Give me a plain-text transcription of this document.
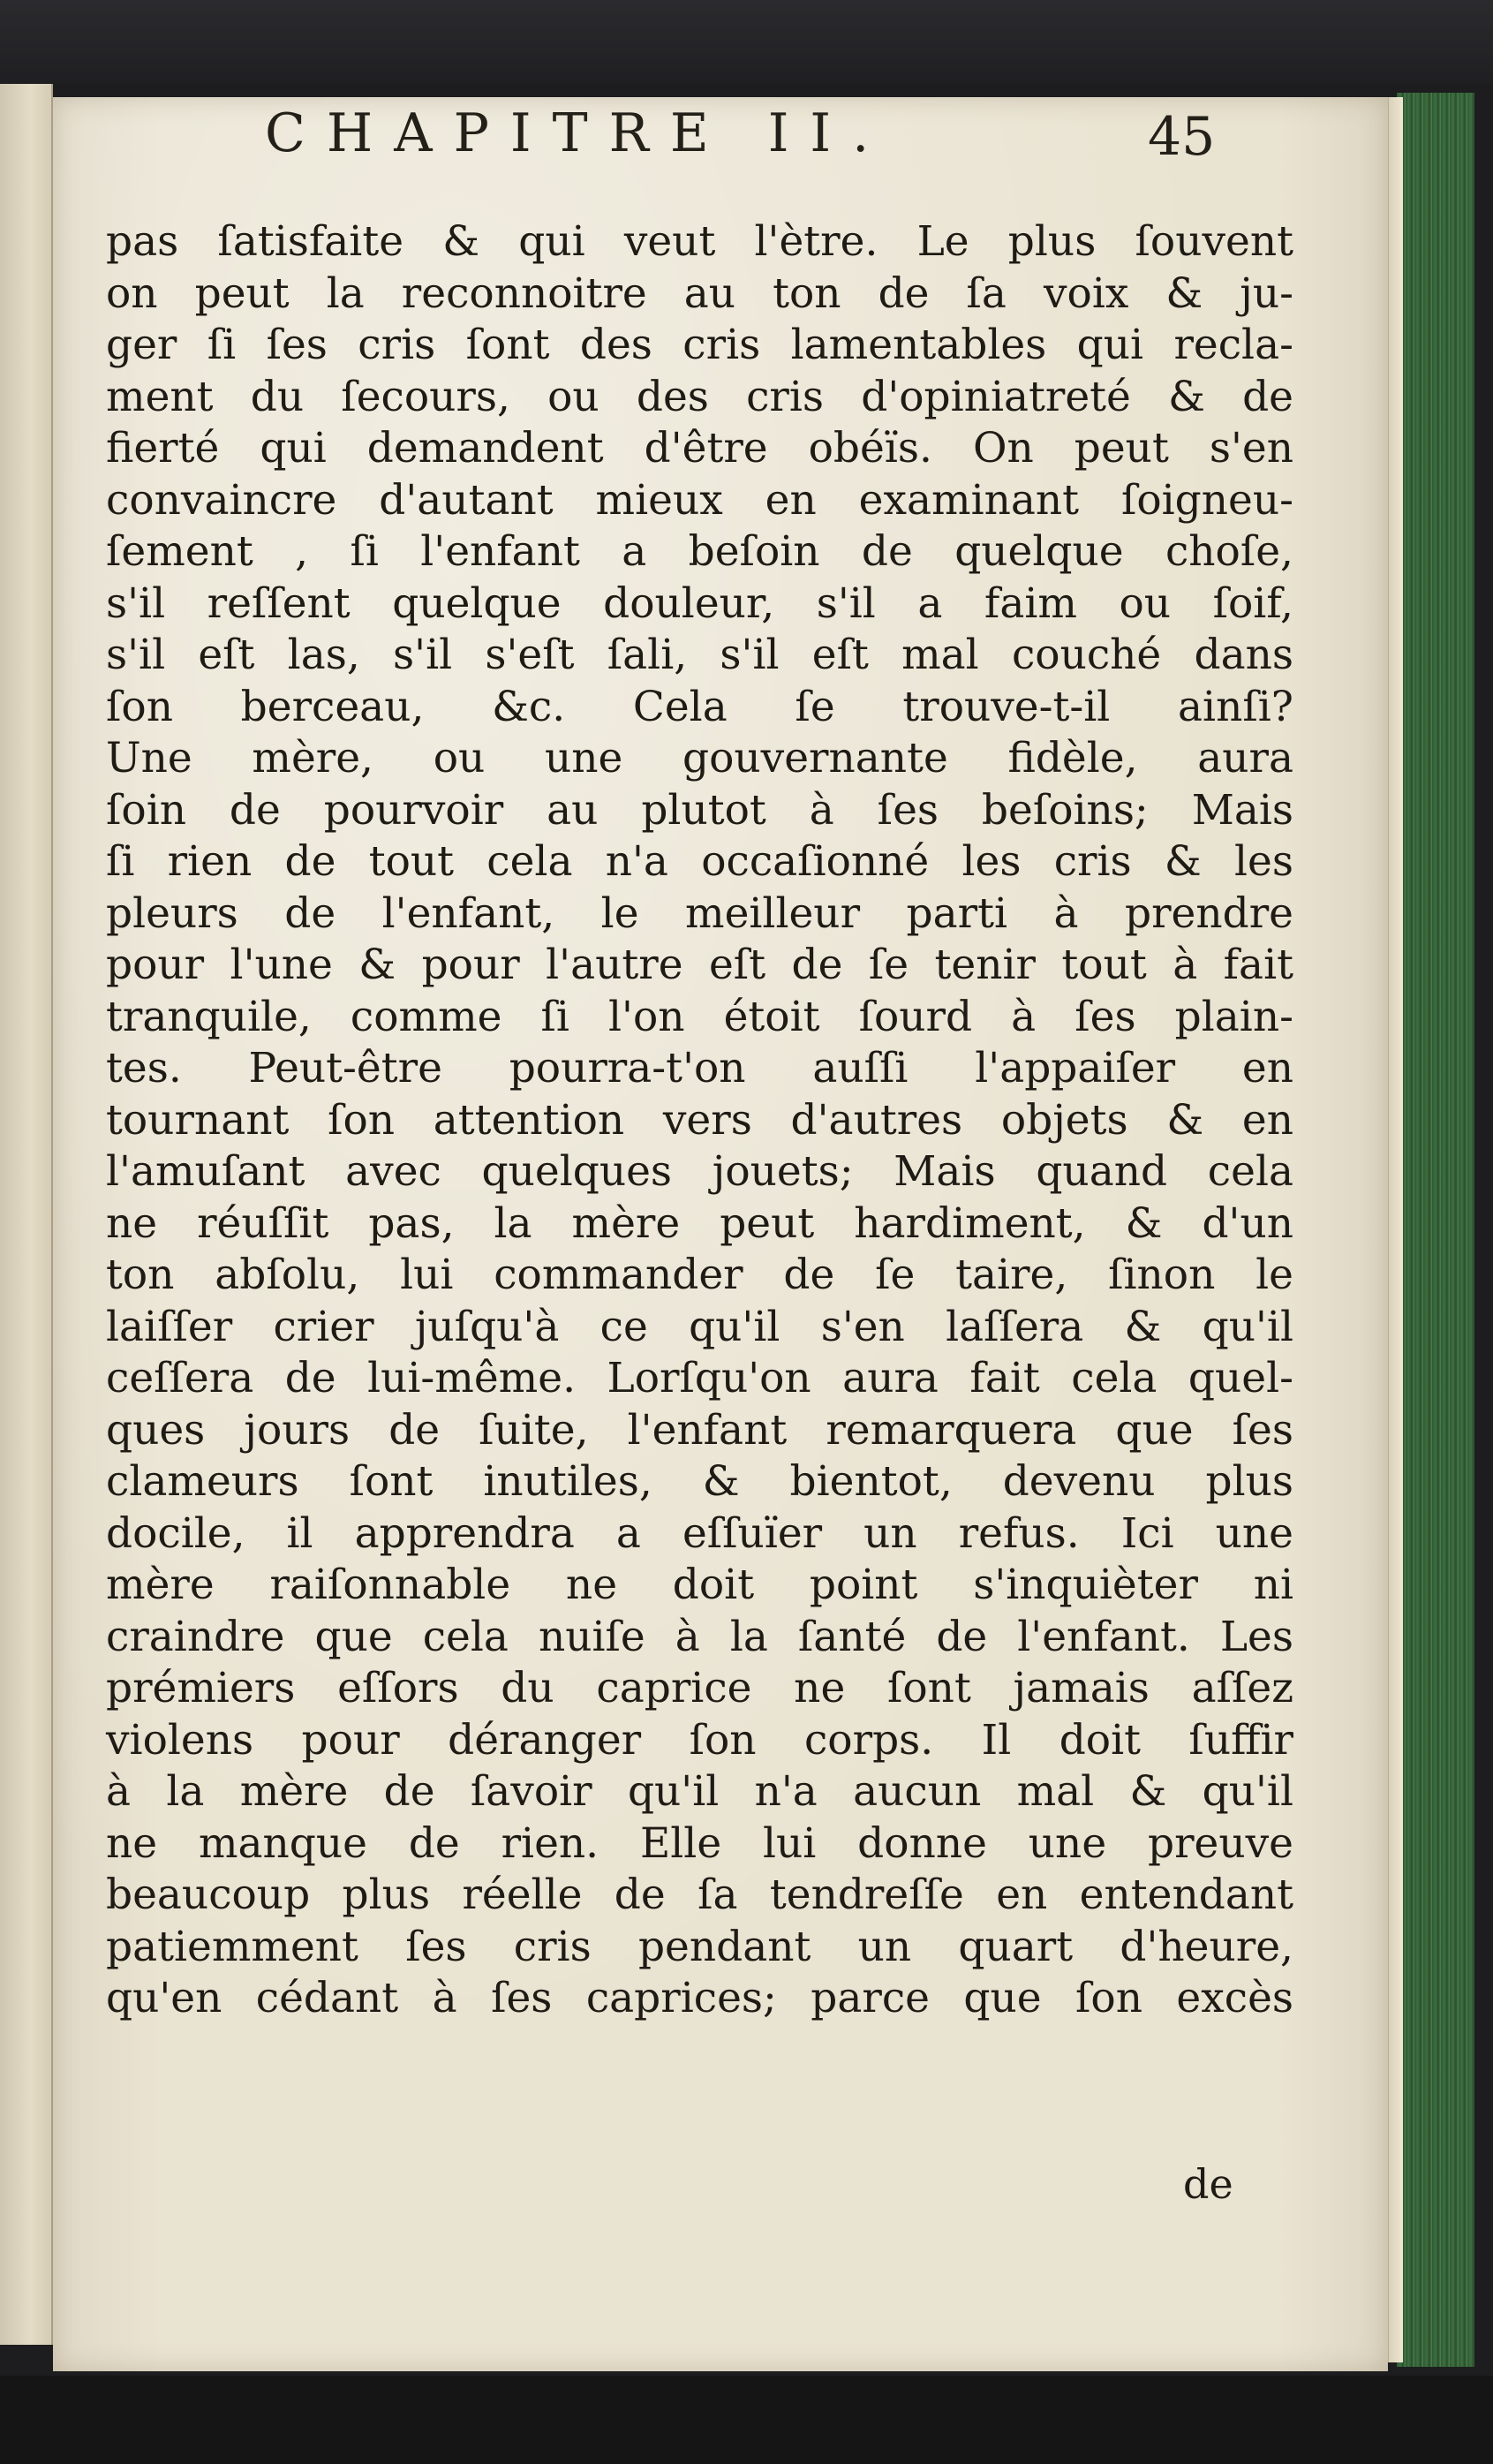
CHAPITRE II.	45
pas ſatisfaite & qui veut l'ètre. Le plus ſouvent
on peut la reconnoitre au ton de ſa voix & ju-
ger ſi ſes cris ſont des cris lamentables qui recla-
ment du ſecours, ou des cris d'opiniatreté & de
fierté qui demandent d'être obéïs. On peut s'en
convaincre d'autant mieux en examinant ſoigneu-
ſement , ſi l'enfant a beſoin de quelque choſe,
s'il reſſent quelque douleur, s'il a faim ou ſoif,
s'il eſt las, s'il s'eſt ſali, s'il eſt mal couché dans
ſon berceau, &c. Cela ſe trouve-t-il ainſi?
Une mère, ou une gouvernante fidèle, aura
ſoin de pourvoir au plutot à ſes beſoins; Mais
ſi rien de tout cela n'a occaſionné les cris & les
pleurs de l'enfant, le meilleur parti à prendre
pour l'une & pour l'autre eſt de ſe tenir tout à fait
tranquile, comme ſi l'on étoit ſourd à ſes plain-
tes. Peut-être pourra-t'on auſſi l'appaiſer en
tournant ſon attention vers d'autres objets & en
l'amuſant avec quelques jouets; Mais quand cela
ne réuſſit pas, la mère peut hardiment, & d'un
ton abſolu, lui commander de ſe taire, ſinon le
laiſſer crier juſqu'à ce qu'il s'en laſſera & qu'il
ceſſera de lui-même. Lorſqu'on aura fait cela quel-
ques jours de ſuite, l'enfant remarquera que ſes
clameurs ſont inutiles, & bientot, devenu plus
docile, il apprendra a eſſuïer un refus. Ici une
mère raiſonnable ne doit point s'inquièter ni
craindre que cela nuiſe à la ſanté de l'enfant. Les
prémiers eſſors du caprice ne ſont jamais aſſez
violens pour déranger ſon corps. Il doit ſuffir
à la mère de ſavoir qu'il n'a aucun mal & qu'il
ne manque de rien. Elle lui donne une preuve
beaucoup plus réelle de ſa tendreſſe en entendant
patiemment ſes cris pendant un quart d'heure,
qu'en cédant à ſes caprices; parce que ſon excès
de
